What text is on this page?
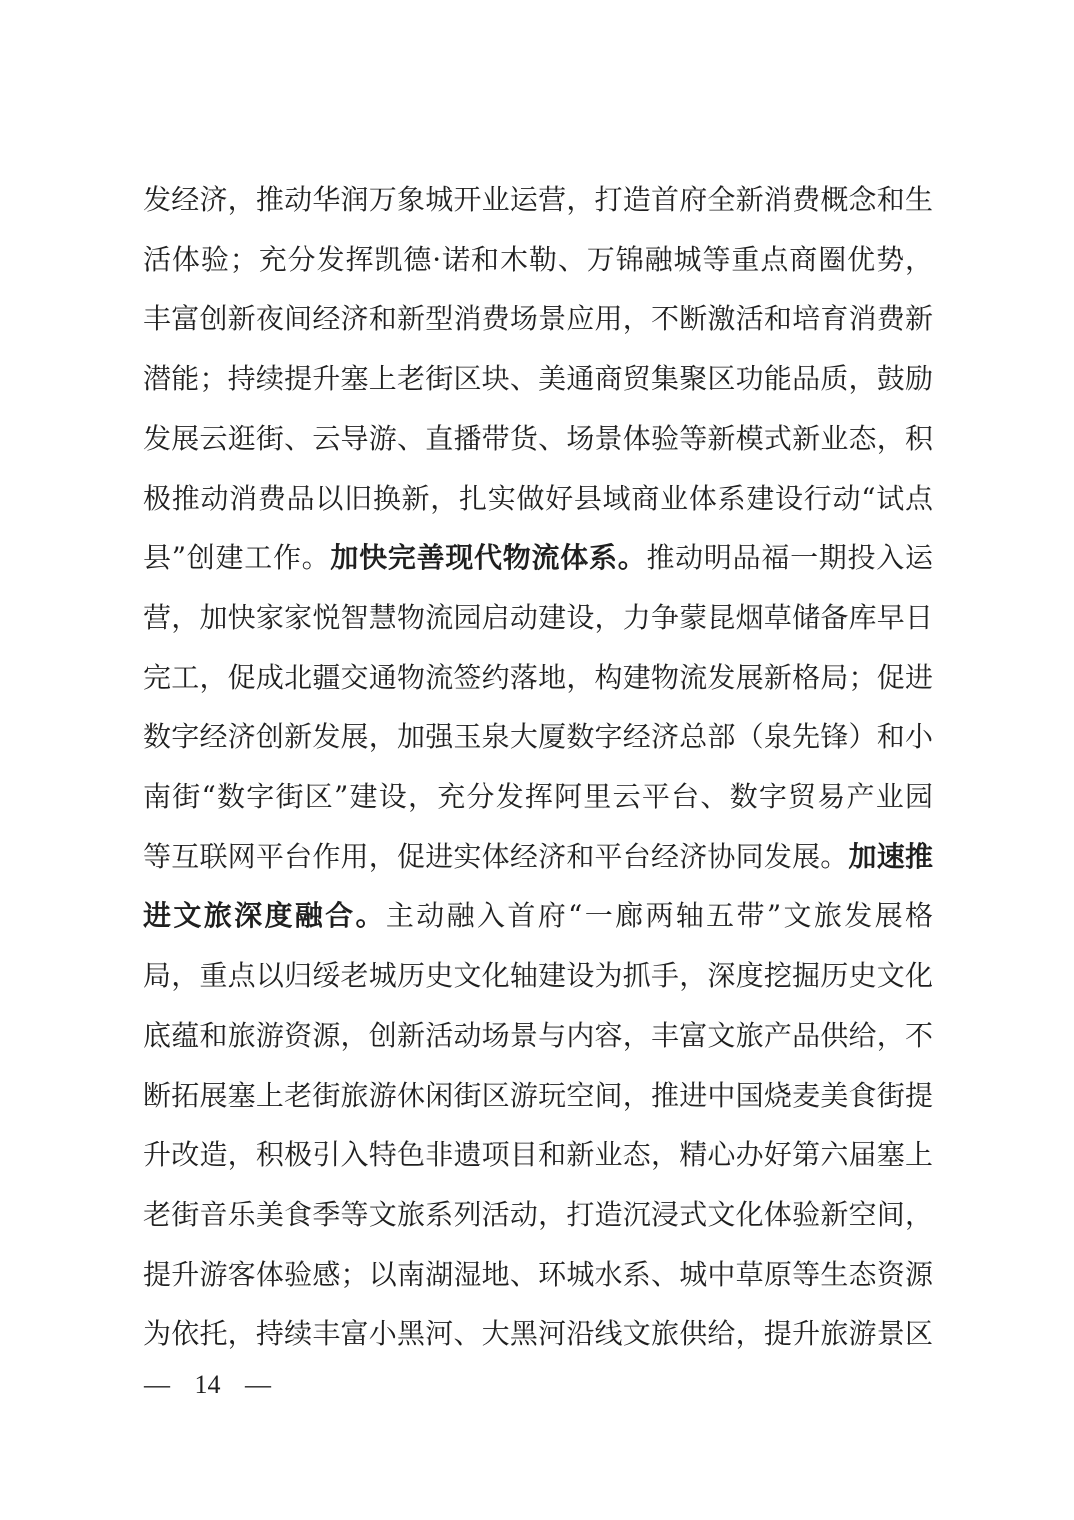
发经济，推动华润万象城开业运营，打造首府全新消费概念和生
活体验；充分发挥凯德·诺和木勒、万锦融城等重点商圈优势，
丰富创新夜间经济和新型消费场景应用，不断激活和培育消费新
潜能；持续提升塞上老街区块、美通商贸集聚区功能品质，鼓励
发展云逛街、云导游、直播带货、场景体验等新模式新业态，积
极推动消费品以旧换新，扎实做好县域商业体系建设行动“试点
县”创建工作。加快完善现代物流体系。推动明品福一期投入运
营，加快家家悦智慧物流园启动建设，力争蒙昆烟草储备库早日
完工，促成北疆交通物流签约落地，构建物流发展新格局；促进
数字经济创新发展，加强玉泉大厦数字经济总部（泉先锋）和小
南街“数字街区”建设，充分发挥阿里云平台、数字贸易产业园
等互联网平台作用，促进实体经济和平台经济协同发展。加速推
进文旅深度融合。主动融入首府“一廊两轴五带”文旅发展格
局，重点以归绥老城历史文化轴建设为抓手，深度挖掘历史文化
底蕴和旅游资源，创新活动场景与内容，丰富文旅产品供给，不
断拓展塞上老街旅游休闲街区游玩空间，推进中国烧麦美食街提
升改造，积极引入特色非遗项目和新业态，精心办好第六届塞上
老街音乐美食季等文旅系列活动，打造沉浸式文化体验新空间，
提升游客体验感；以南湖湿地、环城水系、城中草原等生态资源
为依托，持续丰富小黑河、大黑河沿线文旅供给，提升旅游景区
— 14 —
